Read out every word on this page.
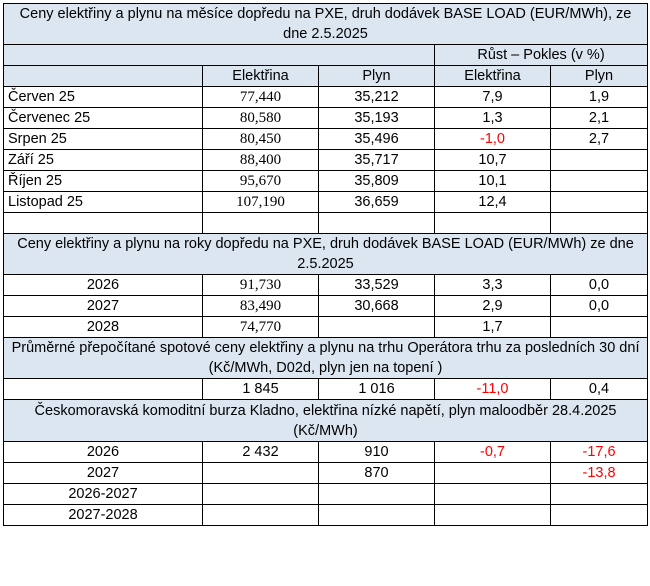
Ceny elektřiny a plynu na měsíce dopředu na PXE, druh dodávek BASE LOAD (EUR/MWh), ze dne 2.5.2025				
			Růst – Pokles (v %)	
	Elektřina	Plyn	Elektřina	Plyn
Červen 25	77,440	35,212	7,9	1,9
Červenec 25	80,580	35,193	1,3	2,1
Srpen 25	80,450	35,496	-1,0	2,7
Září 25	88,400	35,717	10,7	
Říjen 25	95,670	35,809	10,1	
Listopad 25	107,190	36,659	12,4	

Ceny elektřiny a plynu na roky dopředu na PXE, druh dodávek BASE LOAD (EUR/MWh) ze dne 2.5.2025				
2026	91,730	33,529	3,3	0,0
2027	83,490	30,668	2,9	0,0
2028	74,770		1,7	
Průměrné přepočítané spotové ceny elektřiny a plynu na trhu Operátora trhu za posledních 30 dní (Kč/MWh, D02d, plyn jen na topení )				
	1 845	1 016	-11,0	0,4
Českomoravská komoditní burza Kladno, elektřina nízké napětí, plyn maloodběr 28.4.2025 (Kč/MWh)				
2026	2 432	910	-0,7	-17,6
2027		870		-13,8
2026-2027				
2027-2028				
